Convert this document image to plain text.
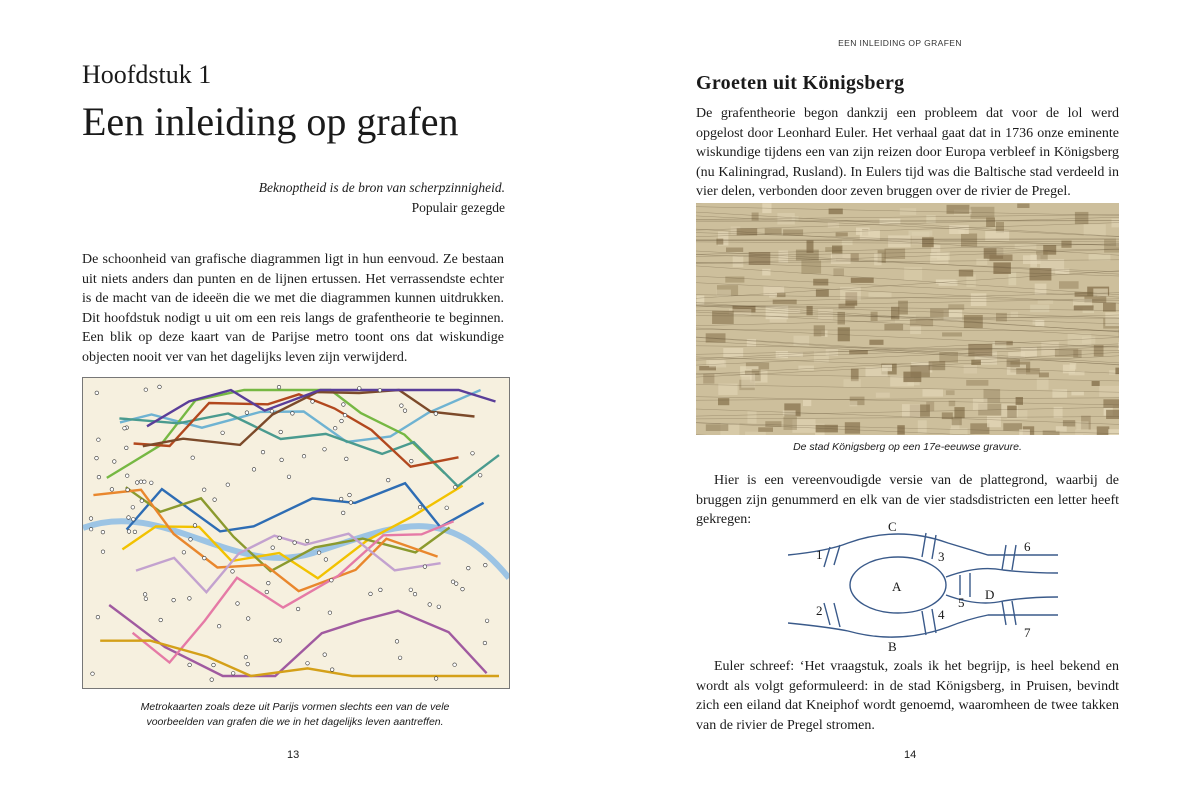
Hoofdstuk 1
Een inleiding op grafen
Beknoptheid is de bron van scherpzinnigheid.
Populair gezegde

De schoonheid van grafische diagrammen ligt in hun eenvoud. Ze bestaan uit niets anders dan punten en de lijnen ertussen. Het verrassendste echter is de macht van de ideeën die we met die diagrammen kunnen uitdrukken. Dit hoofdstuk nodigt u uit om een reis langs de grafentheorie te beginnen. Een blik op deze kaart van de Parijse metro toont ons dat wiskundige objecten nooit ver van het dagelijks leven zijn verwijderd.

Metrokaarten zoals deze uit Parijs vormen slechts een van de vele
voorbeelden van grafen die we in het dagelijks leven aantreffen.
13
EEN INLEIDING OP GRAFEN
Groeten uit Königsberg

De grafentheorie begon dankzij een probleem dat voor de lol werd opgelost door Leonhard Euler. Het verhaal gaat dat in 1736 onze eminente wiskundige tijdens een van zijn reizen door Europa verbleef in Königsberg (nu Kaliningrad, Rusland). In Eulers tijd was die Baltische stad verdeeld in vier delen, verbonden door zeven bruggen over de rivier de Pregel.

De stad Königsberg op een 17e-eeuwse gravure.

Hier is een vereenvoudigde versie van de plattegrond, waarbij de bruggen zijn genummerd en elk van de vier stadsdistricten een letter heeft gekregen:	C
A
B
D
1
2
3
4
5
6
7

Euler schreef: ‘Het vraagstuk, zoals ik het begrijp, is heel bekend en wordt als volgt geformuleerd: in de stad Königsberg, in Pruisen, bevindt zich een eiland dat Kneiphof wordt genoemd, waaromheen de twee takken van de rivier de Pregel stromen.

14
